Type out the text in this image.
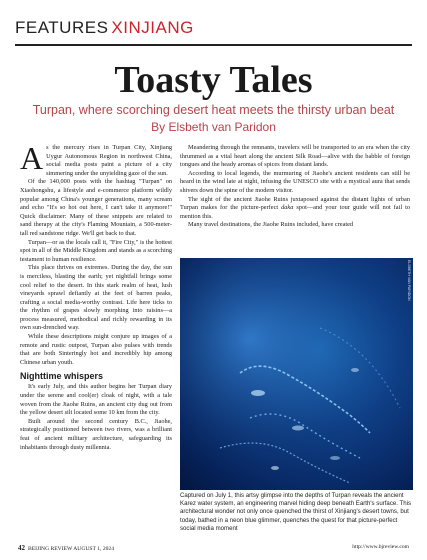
FEATURES XINJIANG
Toasty Tales
Turpan, where scorching desert heat meets the thirsty urban beat
By Elsbeth van Paridon

As the mercury rises in Turpan City, Xinjiang Uygur Autonomous Region in northwest China, social media posts paint a picture of a city simmering under the unyielding gaze of the sun.

Of the 140,000 posts with the hashtag "Turpan" on Xiaohongshu, a lifestyle and e-commerce platform wildly popular among China's younger generations, many scream and echo "It's so hot out here, I can't take it anymore!" Quick disclaimer: Many of these snippets are related to sand therapy at the city's Flaming Mountain, a 500-meter-tall red sandstone ridge. We'll get back to that.

Turpan—or as the locals call it, "Fire City," is the hottest spot in all of the Middle Kingdom and stands as a scorching testament to human resilience.

This place thrives on extremes. During the day, the sun is merciless, blasting the earth; yet nightfall brings some cool relief to the desert. In this stark realm of heat, lush vineyards sprawl defiantly at the feet of barren peaks, crafting a social media-worthy contrast. Life here ticks to the rhythm of grapes slowly morphing into raisins—a process measured, methodical and richly rewarding in its own sun-drenched way.

While these descriptions might conjure up images of a remote and rustic outpost, Turpan also pulses with trends that are both Sinteringly hot and incredibly hip among Chinese urban youth.

Nighttime whispers

It's early July, and this author begins her Turpan diary under the serene and cool(er) cloak of night, with a tale woven from the Jiaohe Ruins, an ancient city dug out from the yellow desert silt located some 10 km from the city.

Built around the second century B.C., Jiaohe, strategically positioned between two rivers, was a brilliant feat of ancient military architecture, safeguarding its inhabitants through dusty millennia.

Meandering through the remnants, travelers will be transported to an era when the city thrummed as a vital heart along the ancient Silk Road—alive with the babble of foreign tongues and the heady aromas of spices from distant lands.

According to local legends, the murmuring of Jiaohe's ancient residents can still be heard in the wind late at night, infusing the UNESCO site with a mystical aura that sends shivers down the spine of the modern visitor.

The sight of the ancient Jiaohe Ruins juxtaposed against the distant lights of urban Turpan makes for the picture-perfect daka spot—and your tour guide will not fail to mention this.

Many travel destinations, the Jiaohe Ruins included, have created

ELSBETH VAN PARIDON
Captured on July 1, this artsy glimpse into the depths of Turpan reveals the ancient Karez water system, an engineering marvel hiding deep beneath Earth's surface. This architectural wonder not only once quenched the thirst of Xinjiang's desert towns, but today, bathed in a neon blue glimmer, quenches the quest for that picture-perfect social media moment
42 BEIJING REVIEW AUGUST 1, 2024	http://www.bjreview.com
